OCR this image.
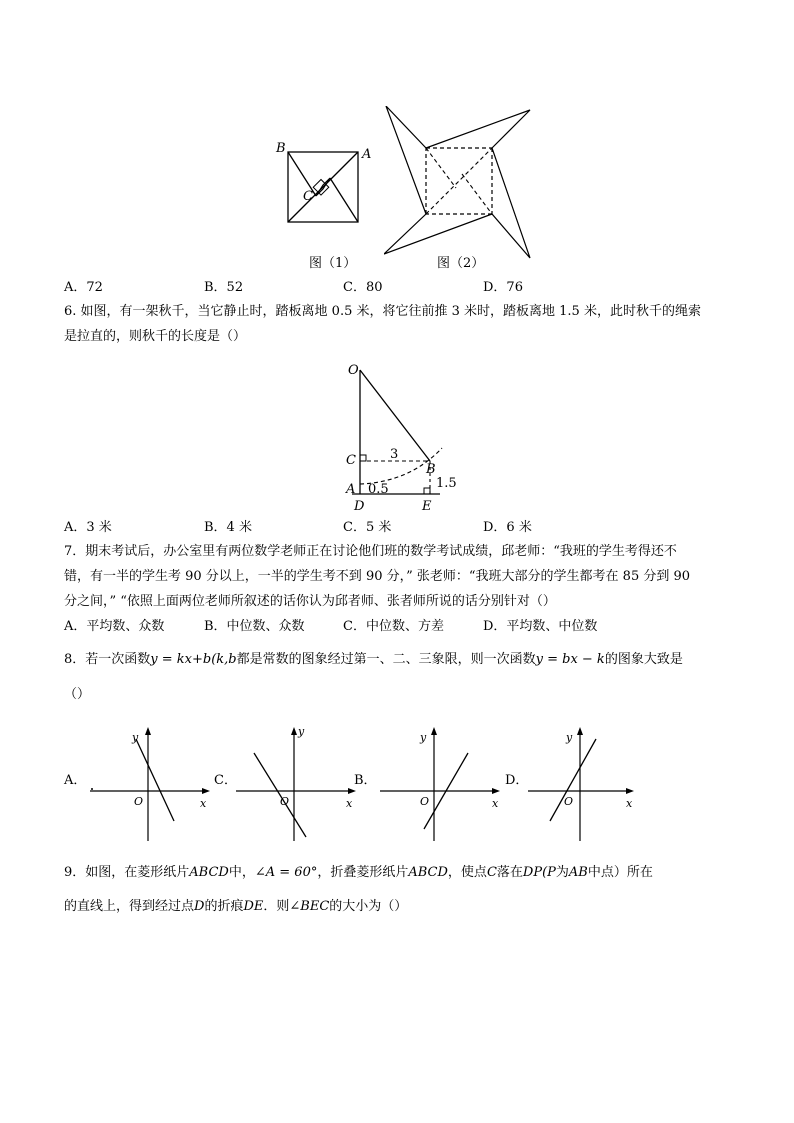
B	A
C
图（1）	图（2）
A．72	B．52	C．80	D．76
6. 如图，有一架秋千，当它静止时，踏板离地 0.5 米，将它往前推 3 米时，踏板离地 1.5 米，此时秋千的绳索
是拉直的，则秋千的长度是（）
O
C	3
B
A 0.5	1.5
D	E
A．3 米	B．4 米	C．5 米	D．6 米
7．期末考试后，办公室里有两位数学老师正在讨论他们班的数学考试成绩，邱老师：“我班的学生考得还不
错，有一半的学生考 90 分以上，一半的学生考不到 90 分，” 张老师：“我班大部分的学生都考在 85 分到 90
分之间，” “依照上面两位老师所叙述的话你认为邱者师、张者师所说的话分别针对（）
A．平均数、众数	B．中位数、众数	C．中位数、方差	D．平均数、中位数
8．若一次函数y = kx+b(k,b都是常数的图象经过第一、二、三象限，则一次函数y = bx − k的图象大致是
（）
A．
O	x
y
C．
O	x
y
B．
O	x
y
D．
O	x
y
9．如图，在菱形纸片ABCD中，∠A = 60°，折叠菱形纸片ABCD，使点C落在DP(P为AB中点）所在
的直线上，得到经过点D的折痕DE．则∠BEC的大小为（）
